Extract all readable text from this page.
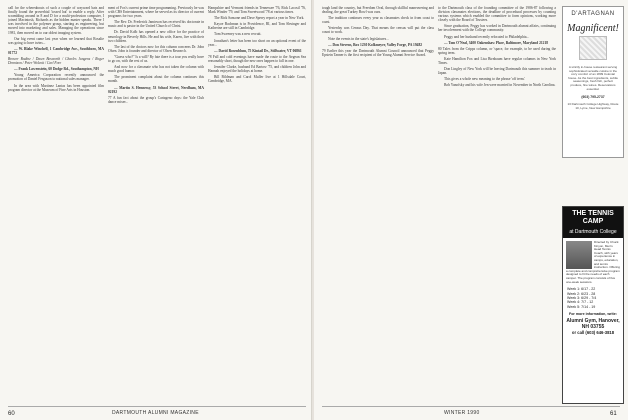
call for the whereabouts of such a couple of wayward bats and finally found the proverbial 'tossed hat' to enable a reply. After scrambling around in 8 and D for a multi-profession computer, I joined Macintosh, Richards as the hidden master speaks. There I was involved in the polymer group, starting as engineering, but moved into marketing and sales. Managing the operations since 1981, then moved on to our oldest imaging system.

Our big event came last year when we learned that Rosalie was going to have twins...

— W. Blake Winchell, 1 Cambridge Ave., Southboro, MA 01772

Brower Bodine / Dawn Bosworth / Charles Jungens / Roger Dennison / Peter Wolcott / Carl Fore

— Frank Lowenstein, 60 Dodge Rd., Southampton, NH

Young America Corporation recently announced the promotion of Daniel Ferguson to national sales manager.

In the area with Martinez Lantas has been appointed film program director at the Museum of Fine Arts in Houston.

ment of Fox's current prime time programming. Previously he was with CBS Entertainment, where he served as its director of current programs for two years.

The Rev. Dr. Frederick Jamieson has received his doctorate in music and is pastor in the United Church of Christ.

Dr. David Kolb has opened a new office for the practice of neurology in Beverly Hills. He and his wife, Karen, live with their two children.

The last of the doctors now for this column concerns Dr. John Olsen. John is founder and director of Olsen Research.

"Guess who?" Is a will? By fate there is a tour you really have to go on, with the rest of us.

And now for a classmate who has not taken the column with much good humor.

The prominent complaint about the column continues this month.

— Martin S. Hennessy, 53 School Street, Needham, MA 02192

77 A fun fact about the group's Cartageno days: the Yale Club dance mixer...

Hampshire and Vermont friends in Tennessee '76, Rick Lacosil '76, Mark Winder '79, and Tom Sweetwood '78 at various times.

The Rick Sansone and Dave Sperry report a year in New York.

Kayoe Bachman is in Providence, RI, and Tom Slesinger and Katherine are still in Cambridge.

Tom Sweeney was a new recruit.

Jonathan's letter has been too short on an optional event of the year...

— David Rosenblum, 75 Kintail Dr., Stillwater, VT 06861

78 Fall and cold evenings have made the route to the Aegean Sea reasonably short, though the new ones happen to fall in one.

Jennifer Clarke, husband Ed Bartow '75, and children John and Hannah enjoyed the holidays at home.

Bill Bildman and Carol Muller live at 1 Hillsdale Court, Cambridge, MA.

60	DARTMOUTH ALUMNI MAGAZINE

tough land the country, but Freedom Oval, through skillful maneuvering and dealing, the great Turkey Bowl was ours.

The tradition continues every year as classmates check in from coast to coast.

Yesterday was Census Day. That means the census will put the class count to work.

Note the events in the state's legislatures...

— Don Stevens, Box 1230 Kolkmeyer, Valley Forge, PA 19482

79 Earlier this year the Dartmouth Alumni Council announced that Peggy Epstein Tanner is the first recipient of the Young Alumni Service Award.

to the Dartmouth class of the founding committee of the 1986-87 following a division classmates elections, the deadline of procedural processes by counting various systems which enabled the committee to form opinions, working more closely with the Board of Trustees.

Since graduation, Peggy has worked in Dartmouth alumni affairs, continuing her involvement with the College community.

Peggy and her husband recently relocated to Philadelphia...

— Tom O'Neal, 3400 Oakenshaw Place, Baltimore, Maryland 21218

80 Tales from the Cripps column, or 'space, for example, to be used during the spring term.

Kate Hamilton Fox and Lisa Birnbaum have regular columns in New York Times.

Don Lingley of New York will be leaving Dartmouth this summer to teach in Japan.

This gives a whole new meaning to the phrase 'off term.'

Bob Yanofsky and his wife Jen were married in November in North Carolina.

D'ARTAGNAN
Magnificent!
A strictly in-house restaurant serving sophisticated versatile cuisine in the cozy comfort of an 1809 Colonial house. As the best ingredients, subtle seasonings, fresh fish, perfect produce, fine wines. Reservations essential.
(603) 795-2737
13 Dartmouth College Highway, Route 10, Lyme, New Hampshire
THE TENNIS CAMP
at Dartmouth College
Directed by Chuck Kinyon, Men's Head Tennis Coach, with years of experience in camps, education, and tennis instruction. Offering a complete and comprehensive program designed to fit the needs of each camper. The program consists of five one-week sessions.
Week 1: 6/17 - 22
Week 2: 6/23 - 28
Week 3: 6/29 - 7/4
Week 4: 7/7 - 12
Week 5: 7/14 - 19
For more information, write:
Alumni Gym, Hanover, NH 03755
or call (603) 646-3818
WINTER 1990	61
